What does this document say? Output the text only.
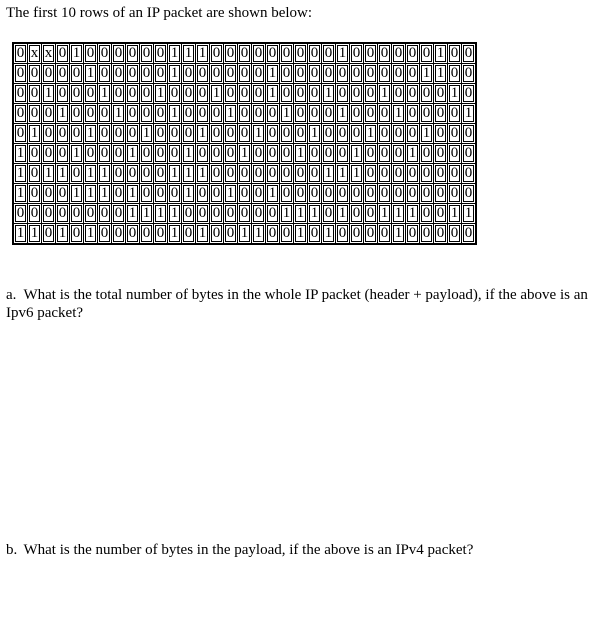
The first 10 rows of an IP packet are shown below:
0	x	x	0	1	0	0	0	0	0	0	1	1	1	0	0	0	0	0	0	0	0	0	1	0	0	0	0	0	0	1	0	0
0	0	0	0	0	1	0	0	0	0	0	1	0	0	0	0	0	0	1	0	0	0	0	0	0	0	0	0	0	1	1	0	0
0	0	1	0	0	0	1	0	0	0	1	0	0	0	1	0	0	0	1	0	0	0	1	0	0	0	1	0	0	0	0	1	0
0	0	0	1	0	0	0	1	0	0	0	1	0	0	0	1	0	0	0	1	0	0	0	1	0	0	0	1	0	0	0	0	1
0	1	0	0	0	1	0	0	0	1	0	0	0	1	0	0	0	1	0	0	0	1	0	0	0	1	0	0	0	1	0	0	0
1	0	0	0	1	0	0	0	1	0	0	0	1	0	0	0	1	0	0	0	1	0	0	0	1	0	0	0	1	0	0	0	0
1	0	1	1	0	1	1	0	0	0	0	1	1	1	0	0	0	0	0	0	0	0	1	1	1	0	0	0	0	0	0	0	0
1	0	0	0	1	1	1	0	1	0	0	0	1	0	0	1	0	0	1	0	0	0	0	0	0	0	0	0	0	0	0	0	0
0	0	0	0	0	0	0	0	1	1	1	1	0	0	0	0	0	0	0	1	1	1	0	1	0	0	1	1	1	0	0	1	1
1	1	0	1	0	1	0	0	0	0	0	1	0	1	0	0	1	1	0	0	1	0	1	0	0	0	0	1	0	0	0	0	0
a. What is the total number of bytes in the whole IP packet (header + payload), if the above is an Ipv6 packet?
b. What is the number of bytes in the payload, if the above is an IPv4 packet?
